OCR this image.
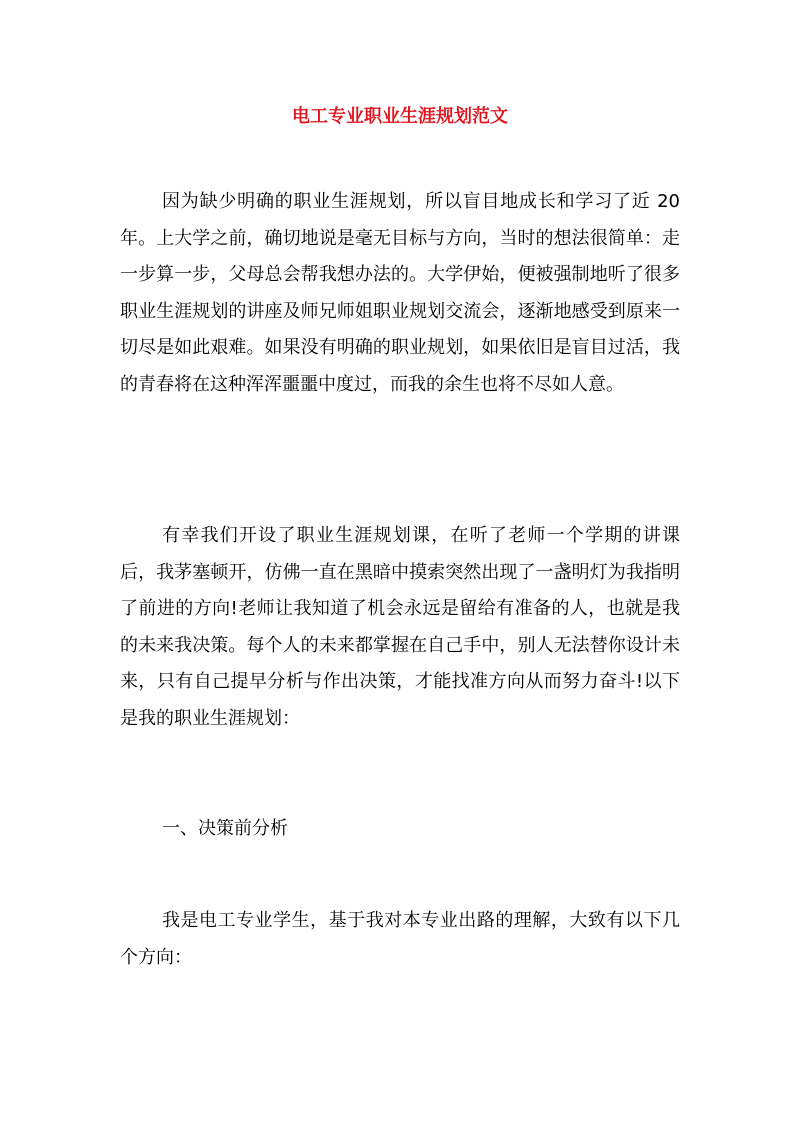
电工专业职业生涯规划范文

因为缺少明确的职业生涯规划，所以盲目地成长和学习了近 20 年。上大学之前，确切地说是毫无目标与方向，当时的想法很简单：走一步算一步，父母总会帮我想办法的。大学伊始，便被强制地听了很多职业生涯规划的讲座及师兄师姐职业规划交流会，逐渐地感受到原来一切尽是如此艰难。如果没有明确的职业规划，如果依旧是盲目过活，我的青春将在这种浑浑噩噩中度过，而我的余生也将不尽如人意。

有幸我们开设了职业生涯规划课，在听了老师一个学期的讲课后，我茅塞顿开，仿佛一直在黑暗中摸索突然出现了一盏明灯为我指明了前进的方向!老师让我知道了机会永远是留给有准备的人，也就是我的未来我决策。每个人的未来都掌握在自己手中，别人无法替你设计未来，只有自己提早分析与作出决策，才能找准方向从而努力奋斗!以下是我的职业生涯规划：

一、决策前分析

我是电工专业学生，基于我对本专业出路的理解，大致有以下几个方向：
